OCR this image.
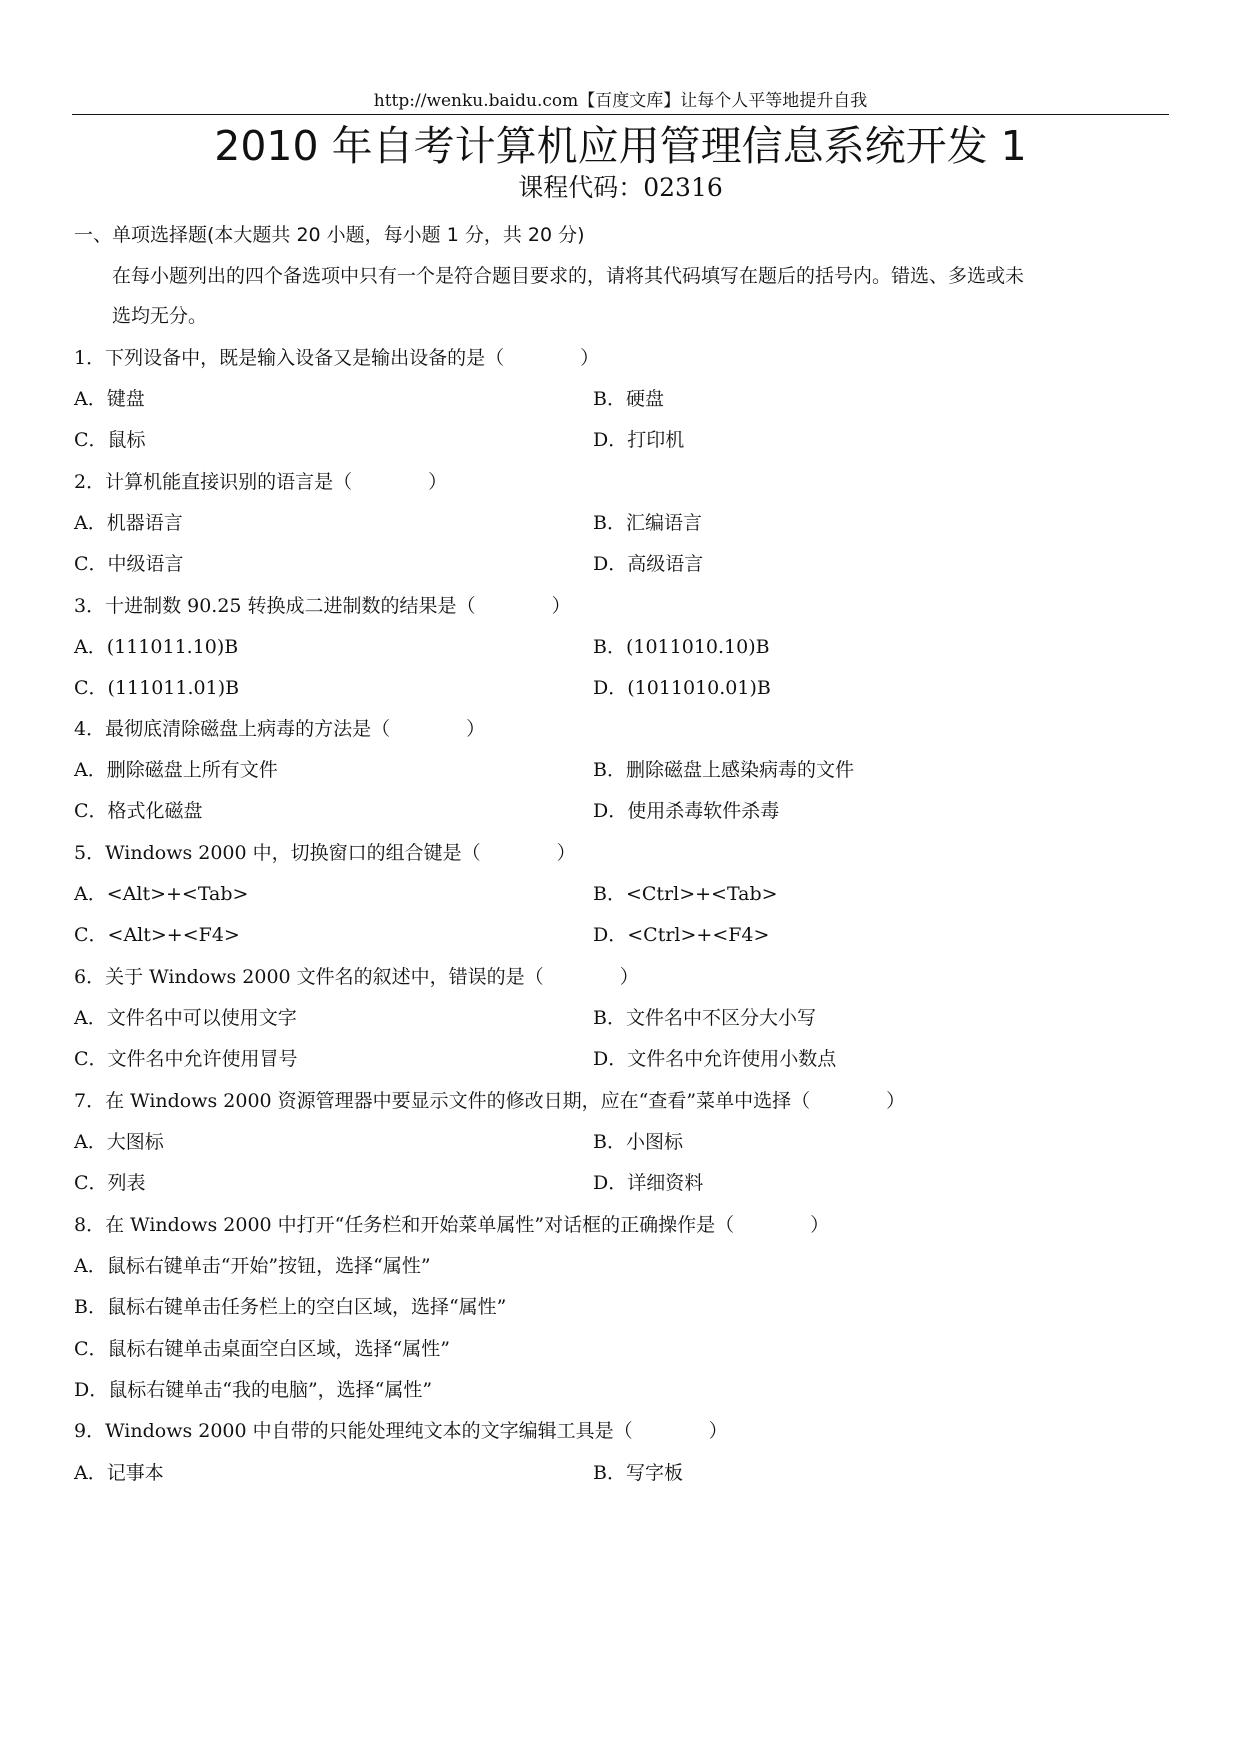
http://wenku.baidu.com【百度文库】让每个人平等地提升自我
2010 年自考计算机应用管理信息系统开发 1
课程代码：02316
一、单项选择题(本大题共 20 小题，每小题 1 分，共 20 分)
在每小题列出的四个备选项中只有一个是符合题目要求的，请将其代码填写在题后的括号内。错选、多选或未
选均无分。
1．下列设备中，既是输入设备又是输出设备的是（	）
A．键盘	B．硬盘
C．鼠标	D．打印机
2．计算机能直接识别的语言是（	）
A．机器语言	B．汇编语言
C．中级语言	D．高级语言
3．十进制数 90.25 转换成二进制数的结果是（	）
A．(111011.10)B	B．(1011010.10)B
C．(111011.01)B	D．(1011010.01)B
4．最彻底清除磁盘上病毒的方法是（	）
A．删除磁盘上所有文件	B．删除磁盘上感染病毒的文件
C．格式化磁盘	D．使用杀毒软件杀毒
5．Windows 2000 中，切换窗口的组合键是（	）
A．<Alt>+<Tab>	B．<Ctrl>+<Tab>
C．<Alt>+<F4>	D．<Ctrl>+<F4>
6．关于 Windows 2000 文件名的叙述中，错误的是（	）
A．文件名中可以使用文字	B．文件名中不区分大小写
C．文件名中允许使用冒号	D．文件名中允许使用小数点
7．在 Windows 2000 资源管理器中要显示文件的修改日期，应在“查看”菜单中选择（	）
A．大图标	B．小图标
C．列表	D．详细资料
8．在 Windows 2000 中打开“任务栏和开始菜单属性”对话框的正确操作是（	）
A．鼠标右键单击“开始”按钮，选择“属性”
B．鼠标右键单击任务栏上的空白区域，选择“属性”
C．鼠标右键单击桌面空白区域，选择“属性”
D．鼠标右键单击“我的电脑”，选择“属性”
9．Windows 2000 中自带的只能处理纯文本的文字编辑工具是（	）
A．记事本	B．写字板
